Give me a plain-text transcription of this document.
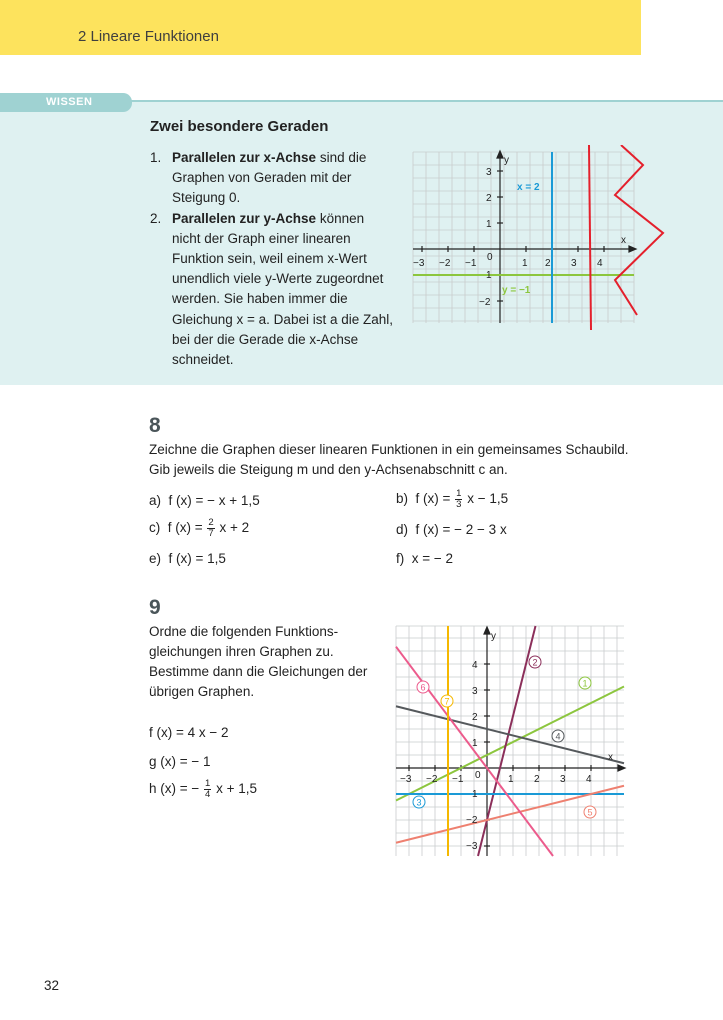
2 Lineare Funktionen
WISSEN
Zwei besondere Geraden
1. Parallelen zur x-Achse sind die Graphen von Geraden mit der Steigung 0.
2. Parallelen zur y-Achse können nicht der Graph einer linearen Funktion sein, weil einem x-Wert unendlich viele y-Werte zugeordnet werden. Sie haben immer die Gleichung x = a. Dabei ist a die Zahl, bei der die Gerade die x-Achse schneidet.
x
y
0
−3 −2 −1	1 2 3 4
3
2
1
1
−2
x = 2
y = −1
8
Zeichne die Graphen dieser linearen Funktionen in ein gemeinsames Schaubild. Gib jeweils die Steigung m und den y-Achsenabschnitt c an.
a) f (x) = − x + 1,5	b) f $(x) = \frac{1}{3}$ x − 1,5
c) f $(x) = \frac{2}{7}$ x + 2	d) f (x) = − 2 − 3 x
e) f (x) = 1,5	f) x = − 2
9
Ordne die folgenden Funktionsgleichungen ihren Graphen zu. Bestimme dann die Gleichungen der übrigen Graphen.
f (x) = 4 x − 2
g (x) = − 1
h (x) = − $\frac{1}{4}$ x + 1,5
x
y
0
−3 −2 −1	1 2 3 4
4
3
2
1
1
−2
−3
1
2
3
4
5
6
7
32
